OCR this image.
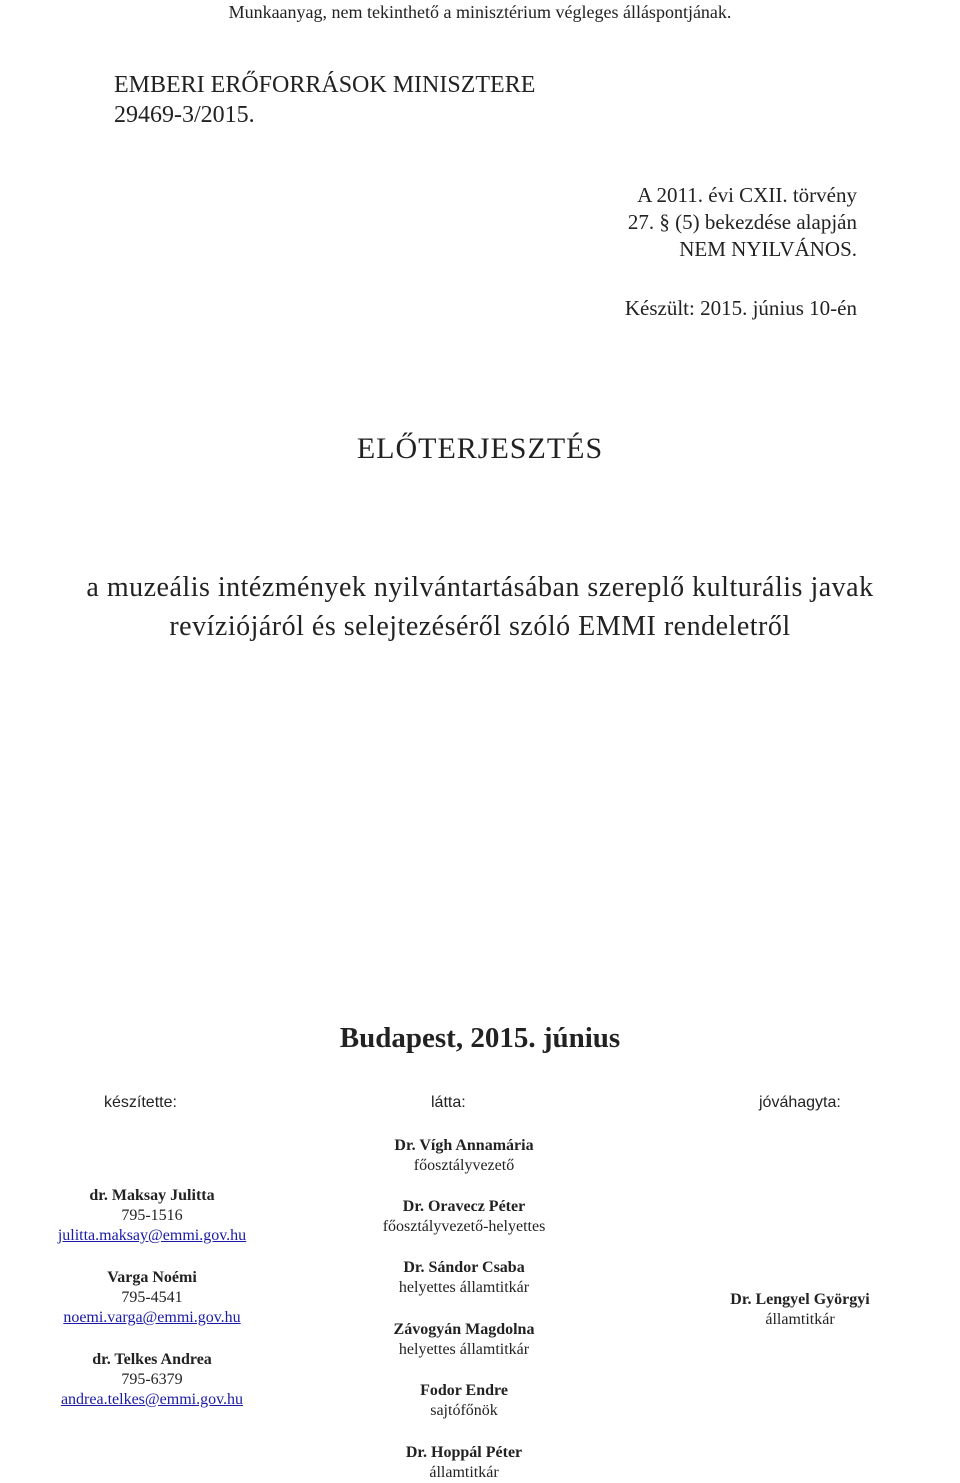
Munkaanyag, nem tekinthető a minisztérium végleges álláspontjának.
EMBERI ERŐFORRÁSOK MINISZTERE
29469-3/2015.
A 2011. évi CXII. törvény
27. § (5) bekezdése alapján
NEM NYILVÁNOS.
Készült: 2015. június 10-én
ELŐTERJESZTÉS
a muzeális intézmények nyilvántartásában szereplő kulturális javak
revíziójáról és selejtezéséről szóló EMMI rendeletről
Budapest, 2015. június
készítette:	látta:	jóváhagyta:
dr. Maksay Julitta
795-1516
julitta.maksay@emmi.gov.hu
Varga Noémi
795-4541
noemi.varga@emmi.gov.hu
dr. Telkes Andrea
795-6379
andrea.telkes@emmi.gov.hu
Dr. Vígh Annamária
főosztályvezető
Dr. Oravecz Péter
főosztályvezető-helyettes
Dr. Sándor Csaba
helyettes államtitkár
Závogyán Magdolna
helyettes államtitkár
Fodor Endre
sajtófőnök
Dr. Hoppál Péter
államtitkár
Dr. Lengyel Györgyi
államtitkár
